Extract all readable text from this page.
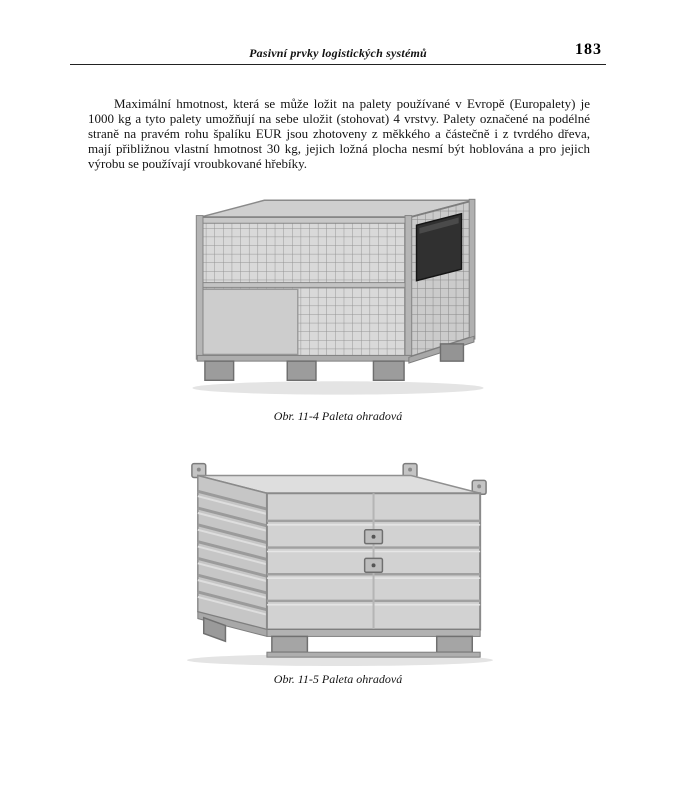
Pasivní prvky logistických systémů	183

Maximální hmotnost, která se může ložit na palety používané v Evropě (Europalety) je 1000 kg a tyto palety umožňují na sebe uložit (stohovat) 4 vrstvy. Palety označené na podélné straně na pravém rohu špalíku EUR jsou zhotoveny z měkkého a částečně i z tvrdého dřeva, mají přibližnou vlastní hmotnost 30 kg, jejich ložná plocha nesmí být hoblována a pro jejich výrobu se používají vroubkované hřebíky.

Obr. 11-4 Paleta ohradová
Obr. 11-5 Paleta ohradová
